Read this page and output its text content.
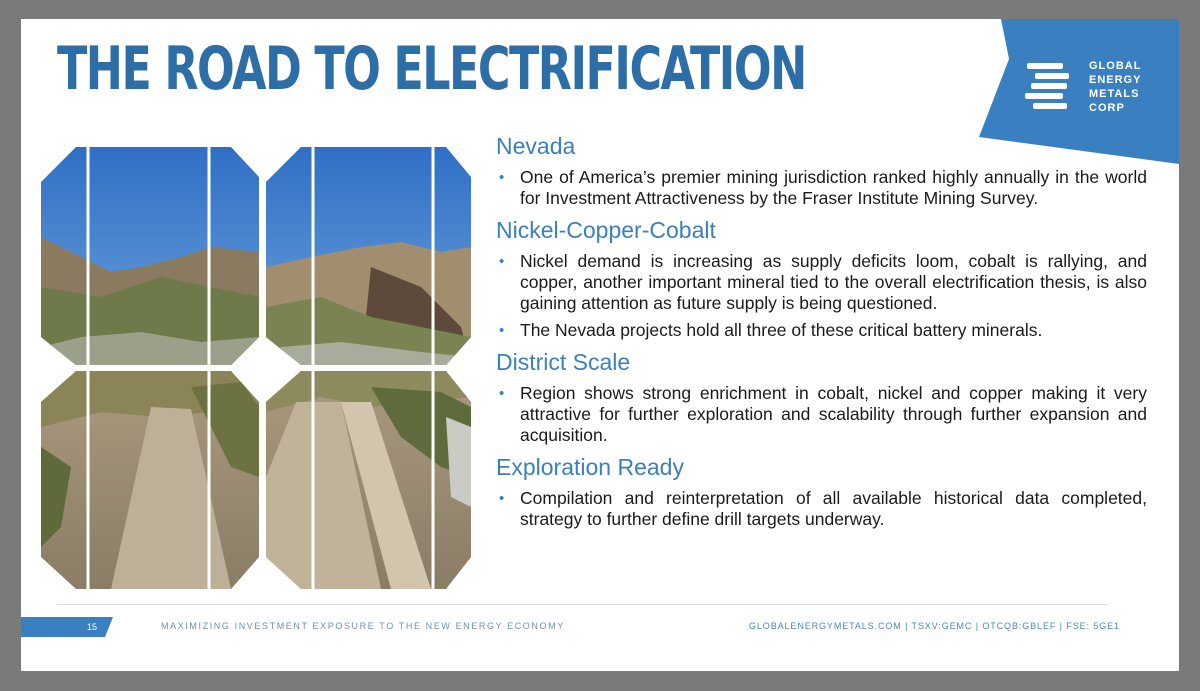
THE ROAD TO ELECTRIFICATION	GLOBAL
ENERGY
METALS
CORP
Nevada
• One of America’s premier mining jurisdiction ranked highly annually in the world for Investment Attractiveness by the Fraser Institute Mining Survey.
Nickel-Copper-Cobalt
• Nickel demand is increasing as supply deficits loom, cobalt is rallying, and copper, another important mineral tied to the overall electrification thesis, is also gaining attention as future supply is being questioned.
• The Nevada projects hold all three of these critical battery minerals.
District Scale
• Region shows strong enrichment in cobalt, nickel and copper making it very attractive for further exploration and scalability through further expansion and acquisition.
Exploration Ready
• Compilation and reinterpretation of all available historical data completed, strategy to further define drill targets underway.
15	MAXIMIZING INVESTMENT EXPOSURE TO THE NEW ENERGY ECONOMY	GLOBALENERGYMETALS.COM | TSXV:GEMC | OTCQB:GBLEF | FSE: 5GE1
